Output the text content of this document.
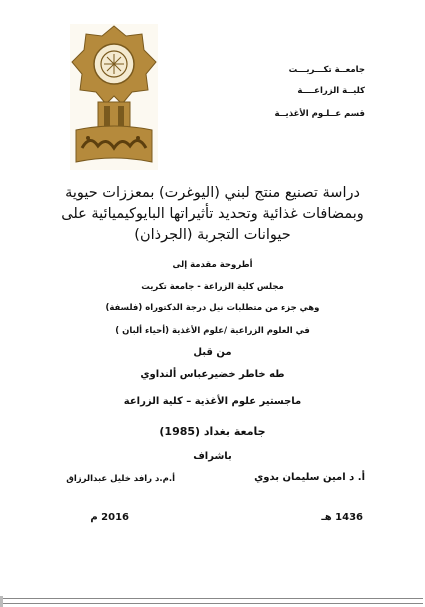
جامعــة تكـــريـــت
كليــة الزراعــــة
قسم عــلـوم الأغذيــة
دراسة تصنيع منتج لبني (اليوغرت) بمعززات حيوية وبمضافات غذائية وتحديد تأثيراتها البايوكيميائية على حيوانات التجربة (الجرذان)
أطروحة مقدمة إلى
مجلس كلية الزراعة - جامعة تكريت
وهي جزء من متطلبات نيل درجة الدكتوراه (فلسفة)
في العلوم الزراعية /علوم الأغذية (أحياء ألبان )
من قبل
طه خاطر خضيرعباس ألنداوي
ماجستير علوم الأغذية – كلية الزراعة
جامعة بغداد (1985)
باشراف
أ. د امين سليمان بدوي
أ.م.د رافد خليل عبدالرزاق
1436 هـ
2016 م
